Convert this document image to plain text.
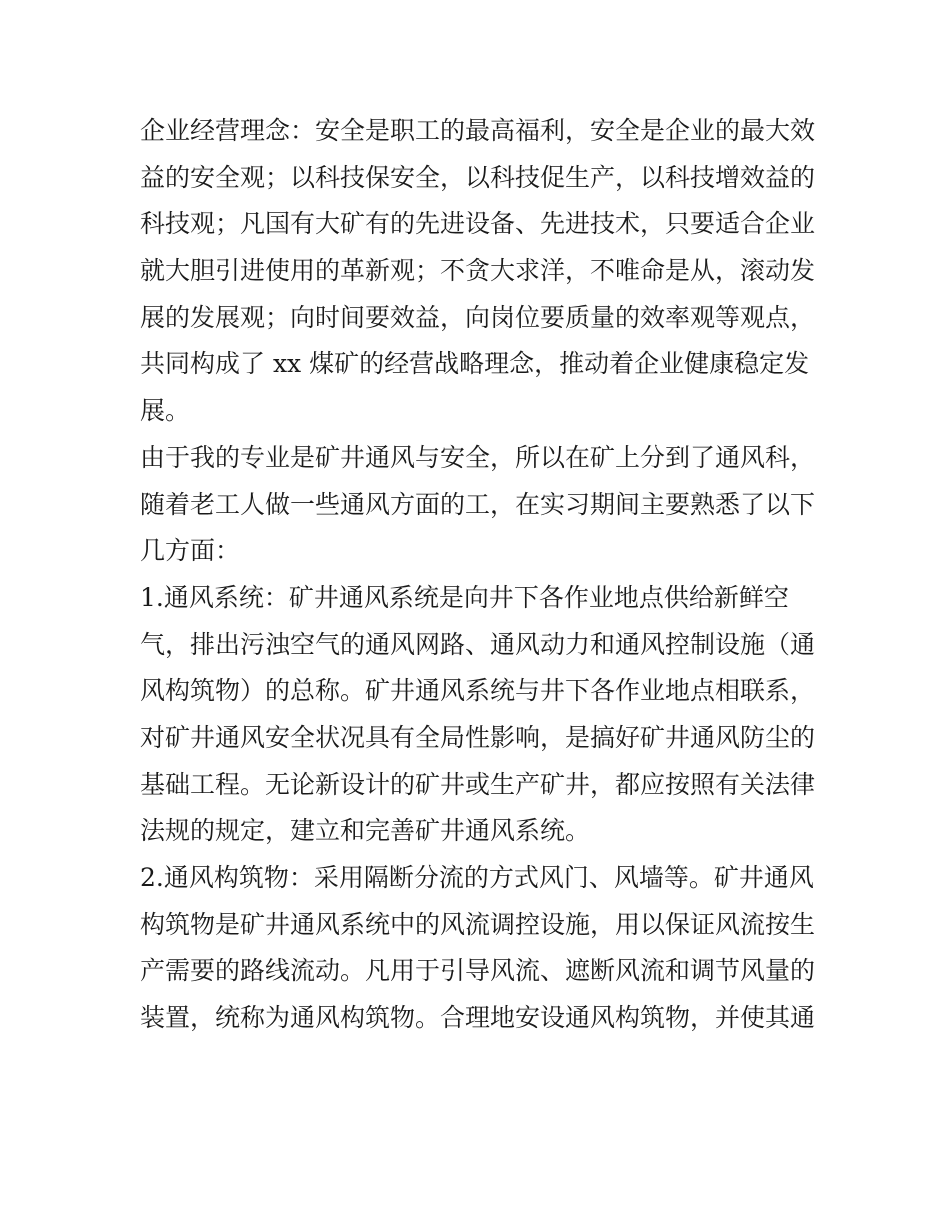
企业经营理念：安全是职工的最高福利，安全是企业的最大效
益的安全观；以科技保安全，以科技促生产，以科技增效益的
科技观；凡国有大矿有的先进设备、先进技术，只要适合企业
就大胆引进使用的革新观；不贪大求洋，不唯命是从，滚动发
展的发展观；向时间要效益，向岗位要质量的效率观等观点，
共同构成了 xx 煤矿的经营战略理念，推动着企业健康稳定发
展。
由于我的专业是矿井通风与安全，所以在矿上分到了通风科，
随着老工人做一些通风方面的工，在实习期间主要熟悉了以下
几方面：
1.通风系统：矿井通风系统是向井下各作业地点供给新鲜空
气，排出污浊空气的通风网路、通风动力和通风控制设施（通
风构筑物）的总称。矿井通风系统与井下各作业地点相联系，
对矿井通风安全状况具有全局性影响，是搞好矿井通风防尘的
基础工程。无论新设计的矿井或生产矿井，都应按照有关法律
法规的规定，建立和完善矿井通风系统。
2.通风构筑物：采用隔断分流的方式风门、风墙等。矿井通风
构筑物是矿井通风系统中的风流调控设施，用以保证风流按生
产需要的路线流动。凡用于引导风流、遮断风流和调节风量的
装置，统称为通风构筑物。合理地安设通风构筑物，并使其通
